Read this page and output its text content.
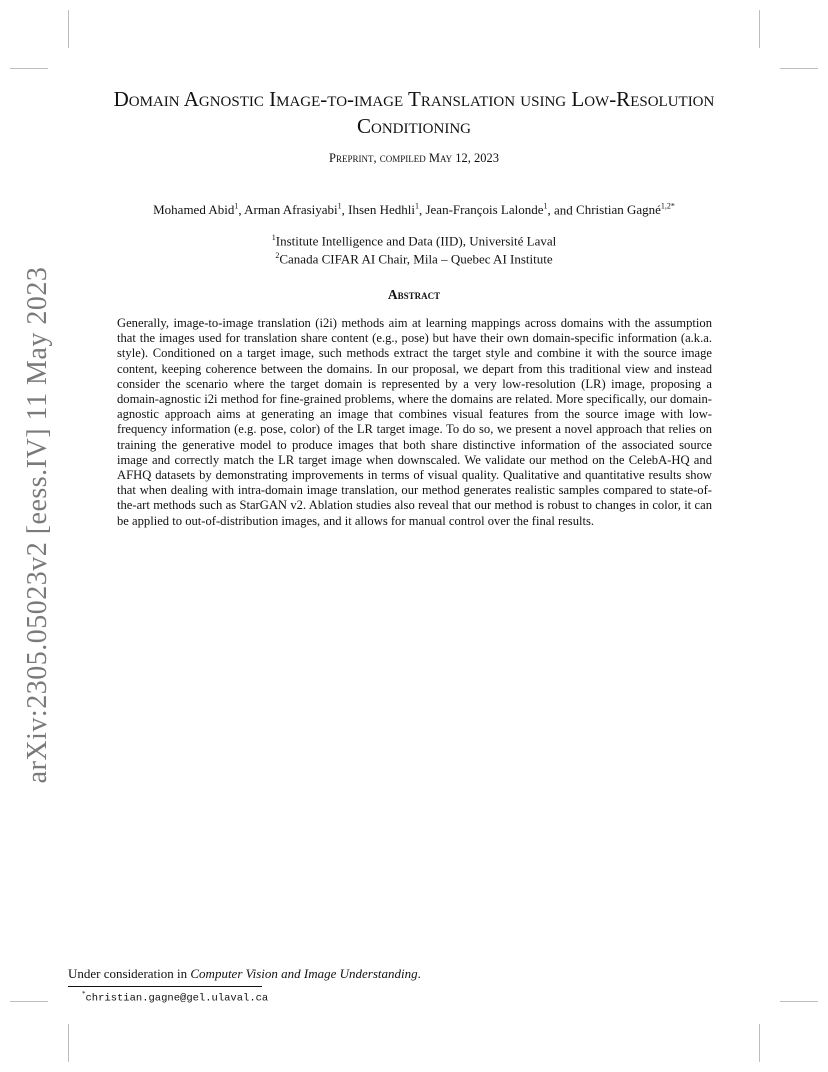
arXiv:2305.05023v2 [eess.IV] 11 May 2023
Domain Agnostic Image-to-image Translation using Low-Resolution Conditioning
Preprint, compiled May 12, 2023
Mohamed Abid$^1$, Arman Afrasiyabi$^1$, Ihsen Hedhli$^1$, Jean-François Lalonde$^1$, and Christian Gagné$^{1,2*}$
$^1$Institute Intelligence and Data (IID), Université Laval
$^2$Canada CIFAR AI Chair, Mila – Quebec AI Institute
Abstract

Generally, image-to-image translation (i2i) methods aim at learning mappings across domains with the assumption that the images used for translation share content (e.g., pose) but have their own domain-specific information (a.k.a. style). Conditioned on a target image, such methods extract the target style and combine it with the source image content, keeping coherence between the domains. In our proposal, we depart from this traditional view and instead consider the scenario where the target domain is represented by a very low-resolution (LR) image, proposing a domain-agnostic i2i method for fine-grained problems, where the domains are related. More specifically, our domain-agnostic approach aims at generating an image that combines visual features from the source image with low-frequency information (e.g. pose, color) of the LR target image. To do so, we present a novel approach that relies on training the generative model to produce images that both share distinctive information of the associated source image and correctly match the LR target image when downscaled. We validate our method on the CelebA-HQ and AFHQ datasets by demonstrating improvements in terms of visual quality. Qualitative and quantitative results show that when dealing with intra-domain image translation, our method generates realistic samples compared to state-of-the-art methods such as StarGAN v2. Ablation studies also reveal that our method is robust to changes in color, it can be applied to out-of-distribution images, and it allows for manual control over the final results.

Under consideration in Computer Vision and Image Understanding.
*christian.gagne@gel.ulaval.ca
